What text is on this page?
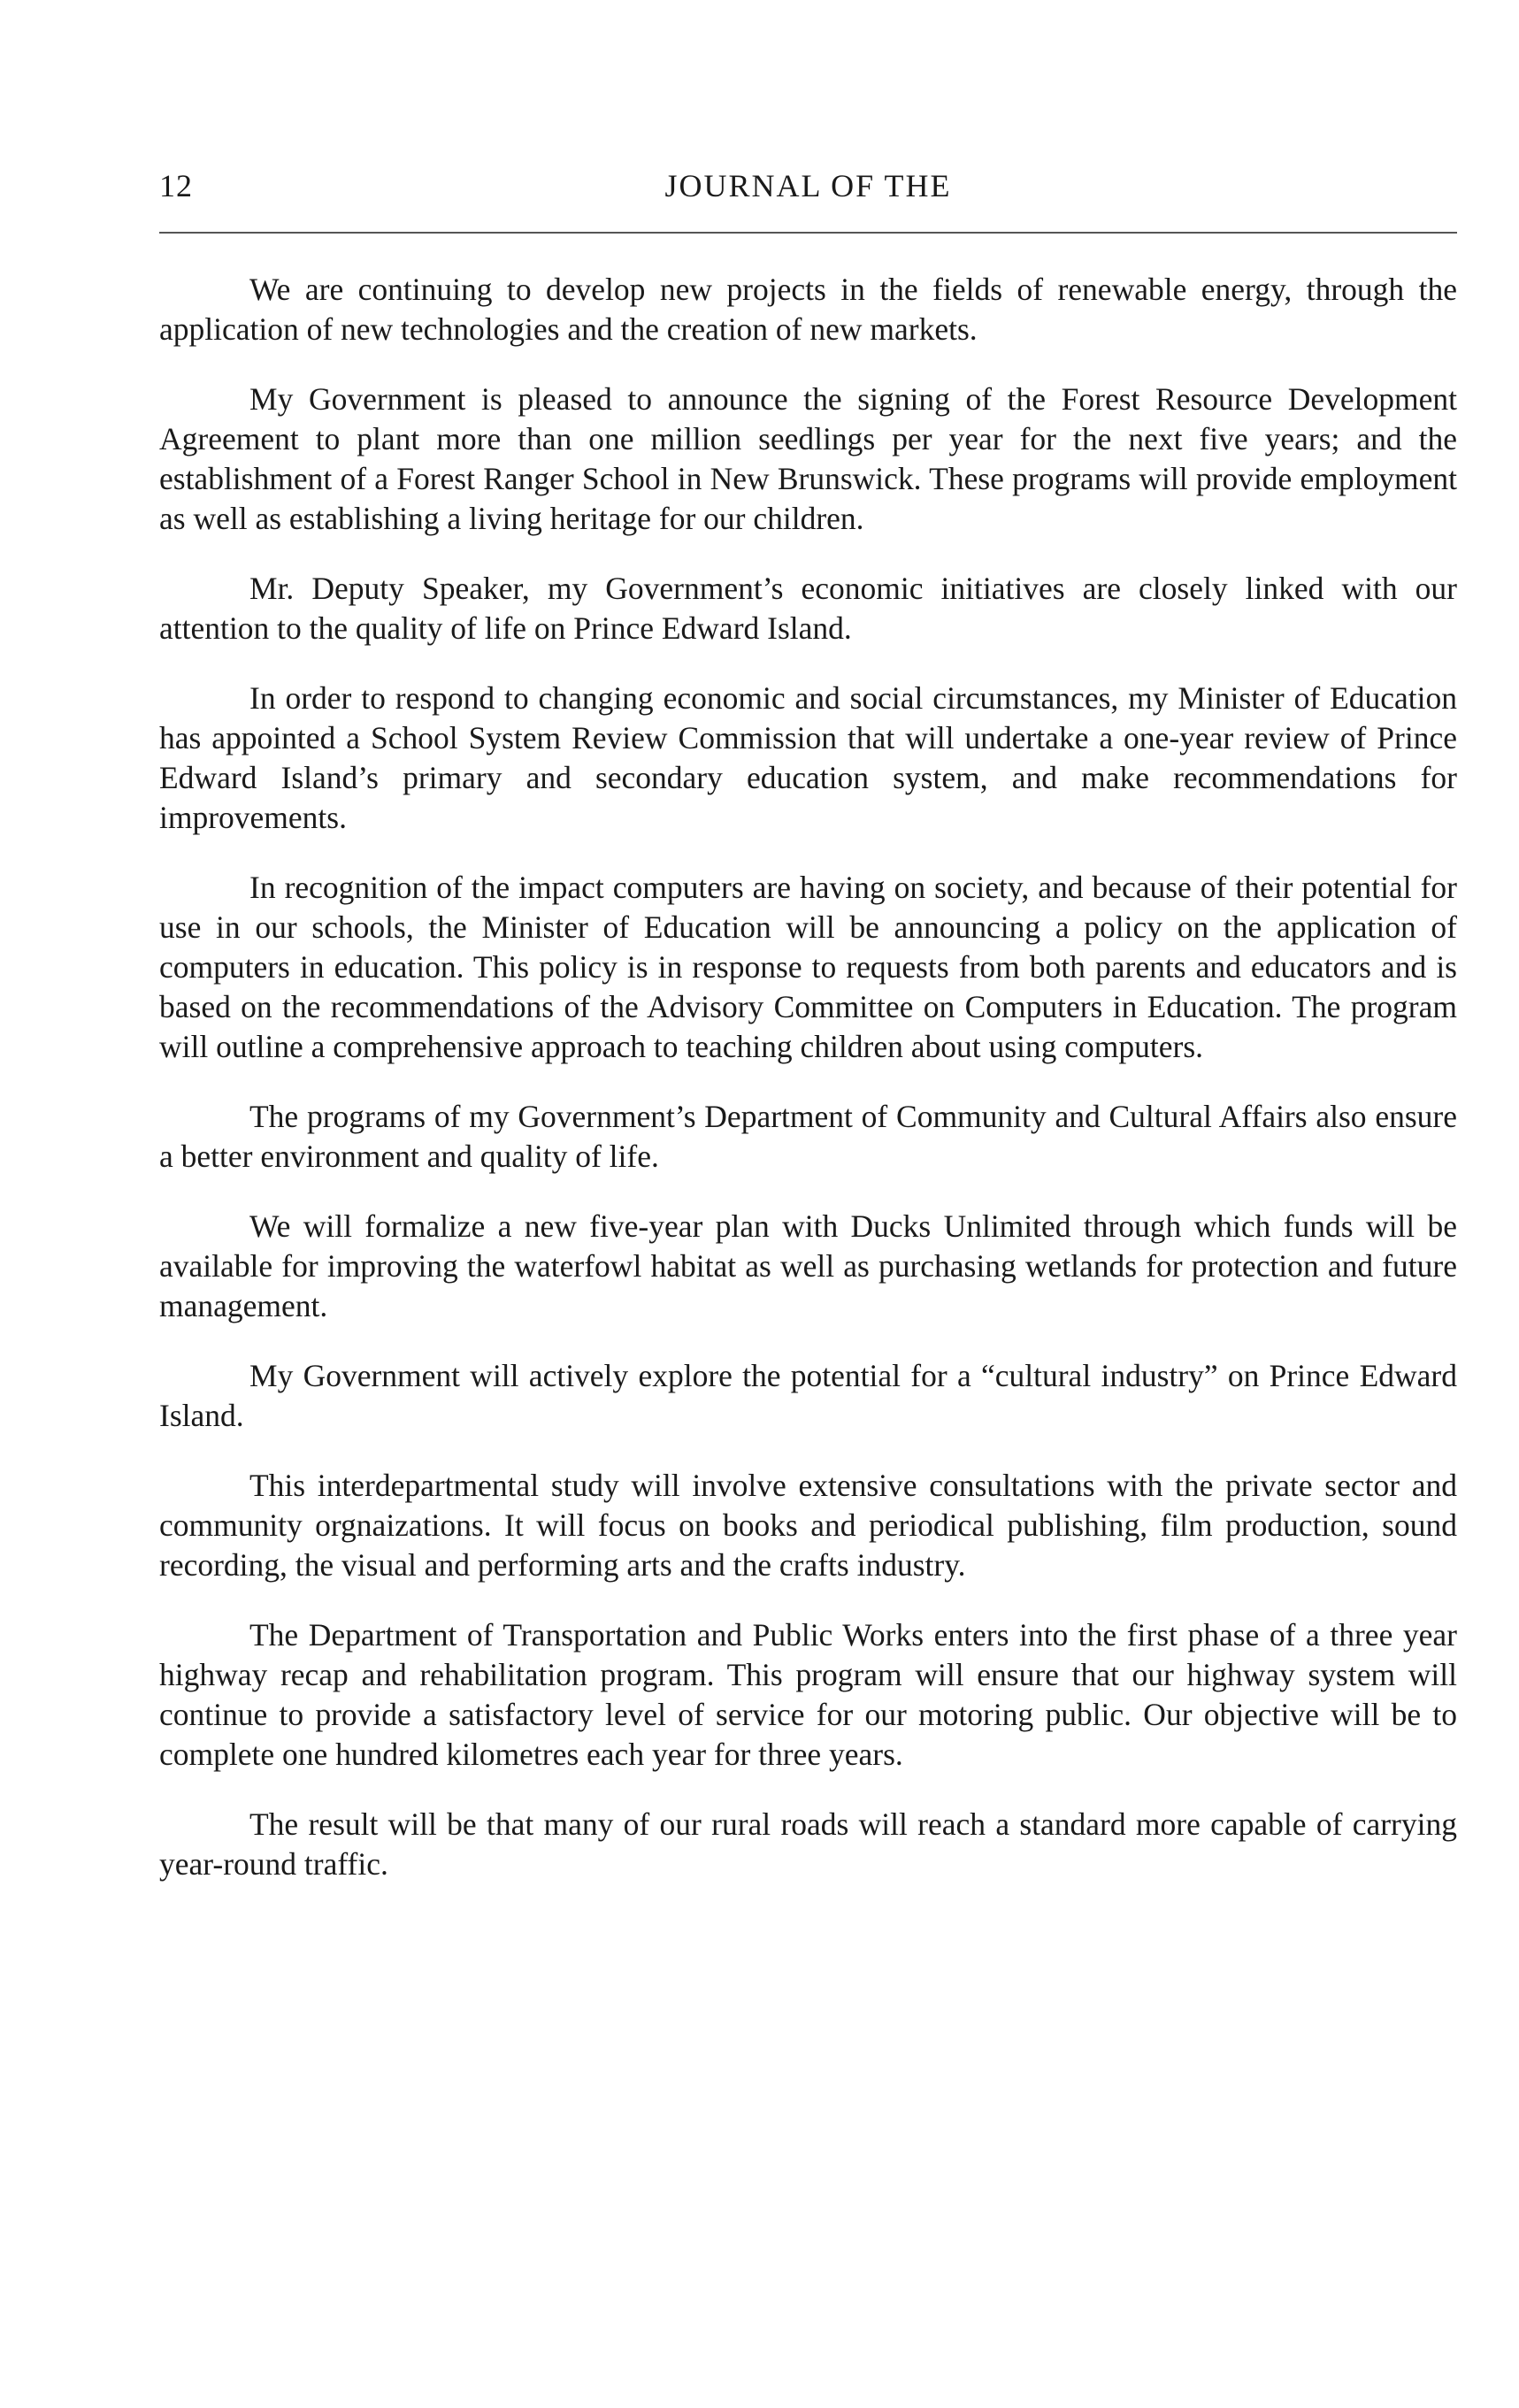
12	JOURNAL OF THE

We are continuing to develop new projects in the fields of renewable energy, through the application of new technologies and the creation of new markets.

My Government is pleased to announce the signing of the Forest Resource Development Agreement to plant more than one million seedlings per year for the next five years; and the establishment of a Forest Ranger School in New Brunswick. These programs will provide employment as well as establishing a living heritage for our children.

Mr. Deputy Speaker, my Government’s economic initiatives are closely linked with our attention to the quality of life on Prince Edward Island.

In order to respond to changing economic and social circumstances, my Minister of Education has appointed a School System Review Commission that will undertake a one-year review of Prince Edward Island’s primary and secondary education system, and make recommendations for improvements.

In recognition of the impact computers are having on society, and because of their potential for use in our schools, the Minister of Education will be announcing a policy on the application of computers in education. This policy is in response to requests from both parents and educators and is based on the recommendations of the Advisory Committee on Computers in Education. The program will outline a comprehensive approach to teaching children about using computers.

The programs of my Government’s Department of Community and Cultural Affairs also ensure a better environment and quality of life.

We will formalize a new five-year plan with Ducks Unlimited through which funds will be available for improving the waterfowl habitat as well as purchasing wetlands for protection and future management.

My Government will actively explore the potential for a “cultural industry” on Prince Edward Island.

This interdepartmental study will involve extensive consultations with the private sector and community orgnaizations. It will focus on books and periodical publishing, film production, sound recording, the visual and performing arts and the crafts industry.

The Department of Transportation and Public Works enters into the first phase of a three year highway recap and rehabilitation program. This program will ensure that our highway system will continue to provide a satisfactory level of service for our motoring public. Our objective will be to complete one hundred kilometres each year for three years.

The result will be that many of our rural roads will reach a standard more capable of carrying year-round traffic.
